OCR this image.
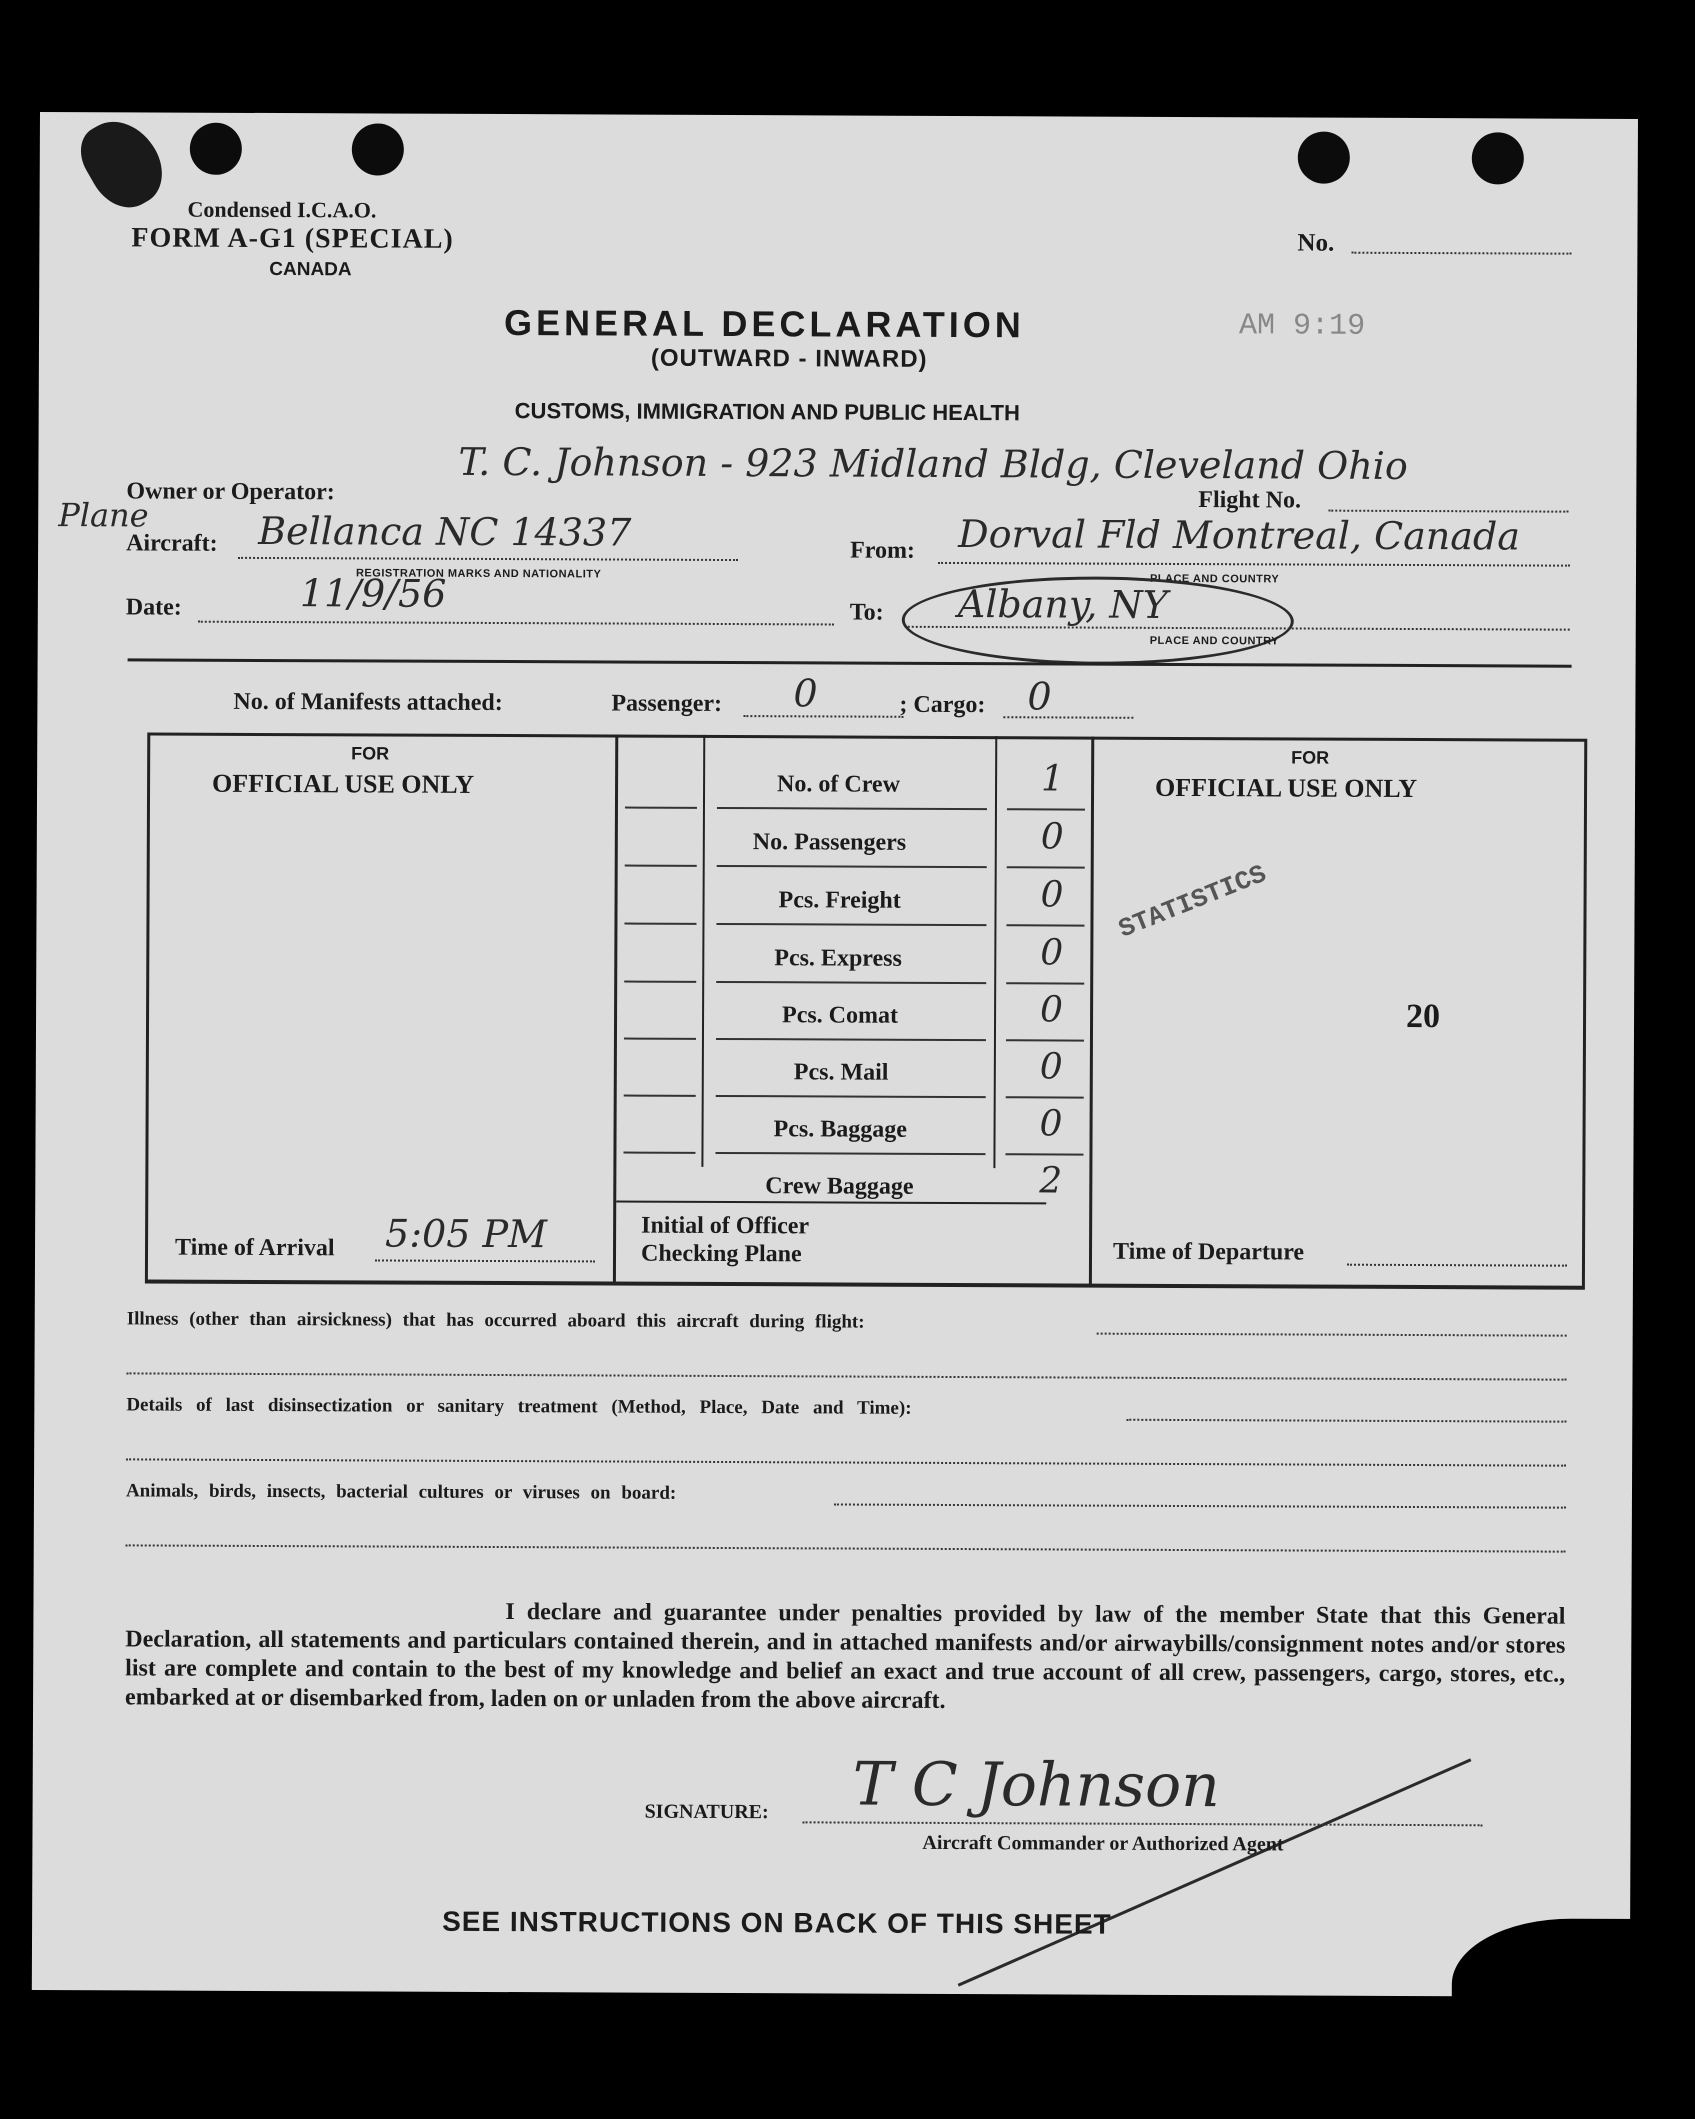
Condensed I.C.A.O.
FORM A-G1 (SPECIAL)
CANADA
No.
GENERAL DECLARATION	AM 9:19
(OUTWARD - INWARD)
CUSTOMS, IMMIGRATION AND PUBLIC HEALTH
Owner or Operator:
T. C. Johnson - 923 Midland Bldg, Cleveland Ohio
Flight No.
Plane
Aircraft: Bellanca NC 14337
REGISTRATION MARKS AND NATIONALITY
From: Dorval Fld Montreal, Canada
PLACE AND COUNTRY
Date:	11/9/56	To: Albany, NY
PLACE AND COUNTRY
No. of Manifests attached:	Passenger: 0	; Cargo: 0
FOR
OFFICIAL USE ONLY
FOR
OFFICIAL USE ONLY
No. of Crew	1
No. Passengers	0
Pcs. Freight	0
Pcs. Express	0
Pcs. Comat	0
Pcs. Mail	0
Pcs. Baggage	0
Crew Baggage	2
STATISTICS
20
Time of Arrival 5:05 PM	Initial of Officer
Checking Plane	Time of Departure
Illness (other than airsickness) that has occurred aboard this aircraft during flight:
Details of last disinsectization or sanitary treatment (Method, Place, Date and Time):
Animals, birds, insects, bacterial cultures or viruses on board:
I declare and guarantee under penalties provided by law of the member State that this General Declaration, all statements and particulars contained therein, and in attached manifests and/or airwaybills/consignment notes and/or stores list are complete and contain to the best of my knowledge and belief an exact and true account of all crew, passengers, cargo, stores, etc., embarked at or disembarked from, laden on or unladen from the above aircraft.
SIGNATURE: T C Johnson
Aircraft Commander or Authorized Agent
SEE INSTRUCTIONS ON BACK OF THIS SHEET
